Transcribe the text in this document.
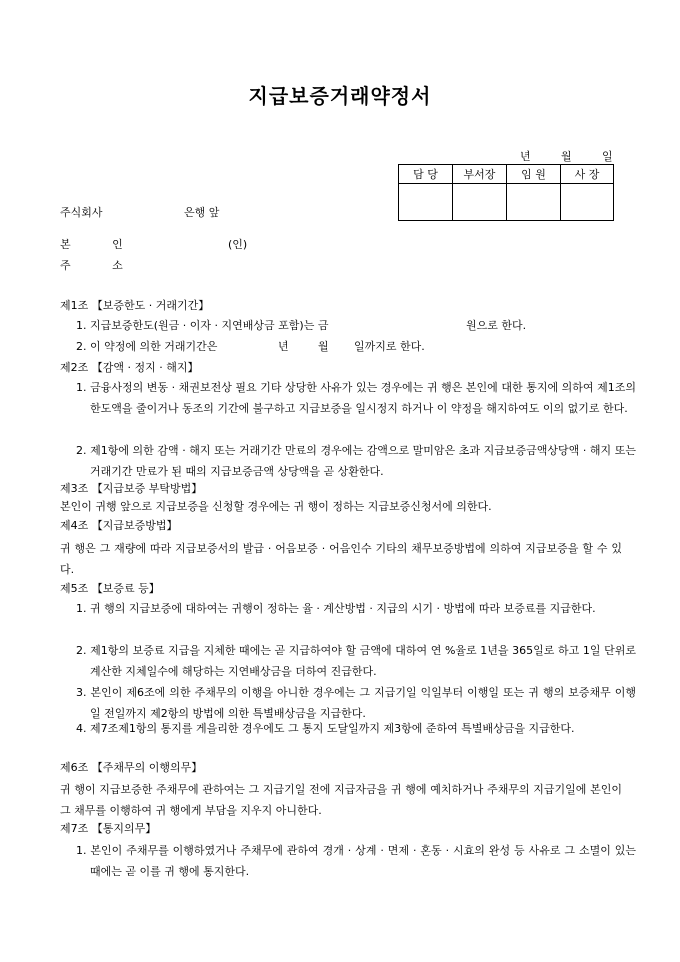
지급보증거래약정서
년	월	일
담 당	부서장	임 원	사 장

주식회사	은행 앞
본 인	(인)
주 소
제1조 【보증한도 · 거래기간】
1. 지급보증한도(원금 · 이자 · 지연배상금 포함)는 금	원으로 한다.
2. 이 약정에 의한 거래기간은	년	월 일까지로 한다.
제2조 【감액 · 정지 · 해지】
1. 금융사정의 변동 · 채권보전상 필요 기타 상당한 사유가 있는 경우에는 귀 행은 본인에 대한 통지에 의하여 제1조의 한도액을 줄이거나 동조의 기간에 불구하고 지급보증을 일시정지 하거나 이 약정을 해지하여도 이의 없기로 한다.
2. 제1항에 의한 감액 · 해지 또는 거래기간 만료의 경우에는 감액으로 말미암은 초과 지급보증금액상당액 · 해지 또는 거래기간 만료가 된 때의 지급보증금액 상당액을 곧 상환한다.
제3조 【지급보증 부탁방법】
본인이 귀행 앞으로 지급보증을 신청할 경우에는 귀 행이 정하는 지급보증신청서에 의한다.
제4조 【지급보증방법】
귀 행은 그 재량에 따라 지급보증서의 발급 · 어음보증 · 어음인수 기타의 채무보증방법에 의하여 지급보증을 할 수 있다.
제5조 【보증료 등】
1. 귀 행의 지급보증에 대하여는 귀행이 정하는 율 · 계산방법 · 지급의 시기 · 방법에 따라 보증료를 지급한다.
2. 제1항의 보증료 지급을 지체한 때에는 곧 지급하여야 할 금액에 대하여 연 %율로 1년을 365일로 하고 1일 단위로 계산한 지체일수에 해당하는 지연배상금을 더하여 진급한다.
3. 본인이 제6조에 의한 주채무의 이행을 아니한 경우에는 그 지급기일 익일부터 이행일 또는 귀 행의 보증채무 이행일 전일까지 제2항의 방법에 의한 특별배상금을 지급한다.
4. 제7조제1항의 통지를 게을리한 경우에도 그 통지 도달일까지 제3항에 준하여 특별배상금을 지급한다.
제6조 【주채무의 이행의무】
귀 행이 지급보증한 주채무에 관하여는 그 지급기일 전에 지급자금을 귀 행에 예치하거나 주채무의 지급기일에 본인이 그 채무를 이행하여 귀 행에게 부담을 지우지 아니한다.
제7조 【통지의무】
1. 본인이 주채무를 이행하였거나 주채무에 관하여 경개 · 상계 · 면제 · 혼동 · 시효의 완성 등 사유로 그 소멸이 있는 때에는 곧 이를 귀 행에 통지한다.
